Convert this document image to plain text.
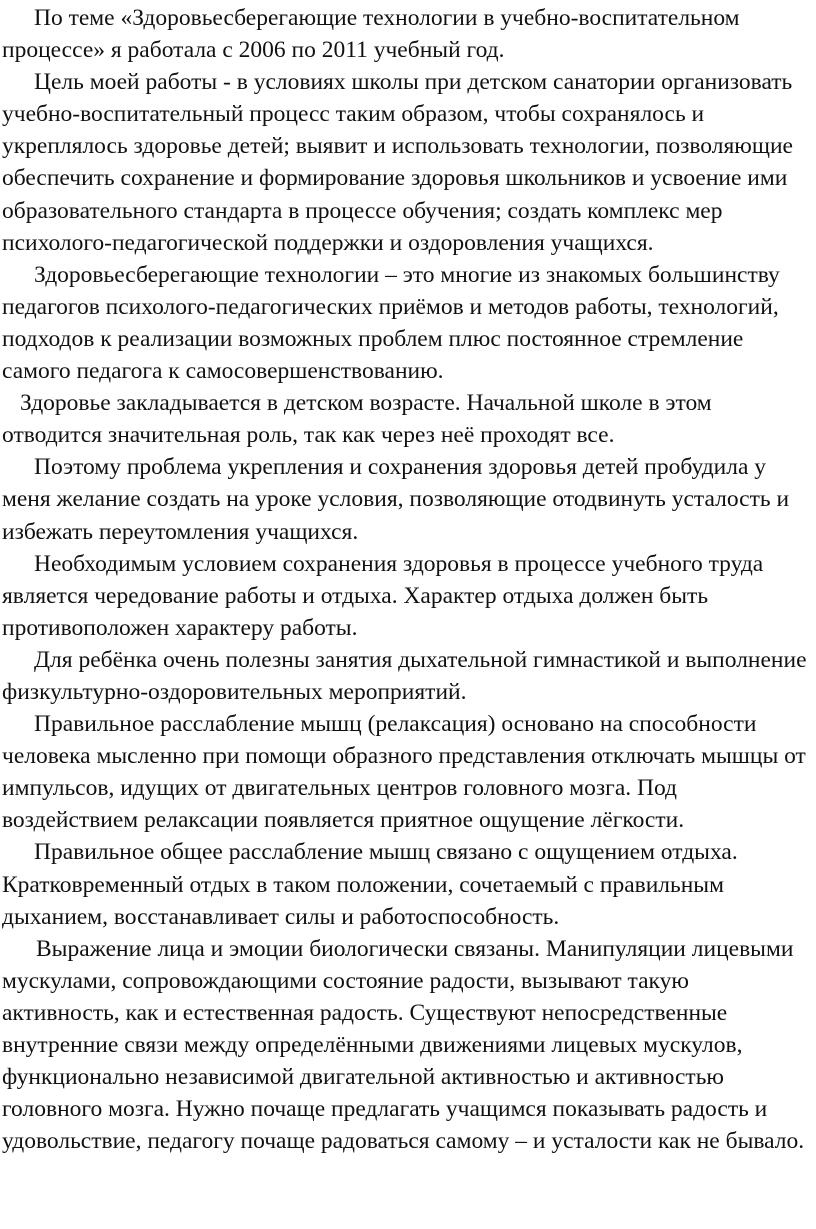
По теме «Здоровьесберегающие технологии в учебно-воспитательном процессе» я работала с 2006 по 2011 учебный год.

Цель моей работы - в условиях школы при детском санатории организовать учебно-воспитательный процесс таким образом, чтобы сохранялось и укреплялось здоровье детей; выявит и использовать технологии, позволяющие обеспечить сохранение и формирование здоровья школьников и усвоение ими образовательного стандарта в процессе обучения; создать комплекс мер психолого-педагогической поддержки и оздоровления учащихся.

Здоровьесберегающие технологии – это многие из знакомых большинству педагогов психолого-педагогических приёмов и методов работы, технологий, подходов к реализации возможных проблем плюс постоянное стремление самого педагога к самосовершенствованию.

Здоровье закладывается в детском возрасте. Начальной школе в этом отводится значительная роль, так как через неё проходят все.

Поэтому проблема укрепления и сохранения здоровья детей пробудила у меня желание создать на уроке условия, позволяющие отодвинуть усталость и избежать переутомления учащихся.

Необходимым условием сохранения здоровья в процессе учебного труда является чередование работы и отдыха. Характер отдыха должен быть противоположен характеру работы.

Для ребёнка очень полезны занятия дыхательной гимнастикой и выполнение физкультурно-оздоровительных мероприятий.

Правильное расслабление мышц (релаксация) основано на способности человека мысленно при помощи образного представления отключать мышцы от импульсов, идущих от двигательных центров головного мозга. Под воздействием релаксации появляется приятное ощущение лёгкости.

Правильное общее расслабление мышц связано с ощущением отдыха. Кратковременный отдых в таком положении, сочетаемый с правильным дыханием, восстанавливает силы и работоспособность.

Выражение лица и эмоции биологически связаны. Манипуляции лицевыми мускулами, сопровождающими состояние радости, вызывают такую активность, как и естественная радость. Существуют непосредственные внутренние связи между определёнными движениями лицевых мускулов, функционально независимой двигательной активностью и активностью головного мозга. Нужно почаще предлагать учащимся показывать радость и удовольствие, педагогу почаще радоваться самому – и усталости как не бывало.
